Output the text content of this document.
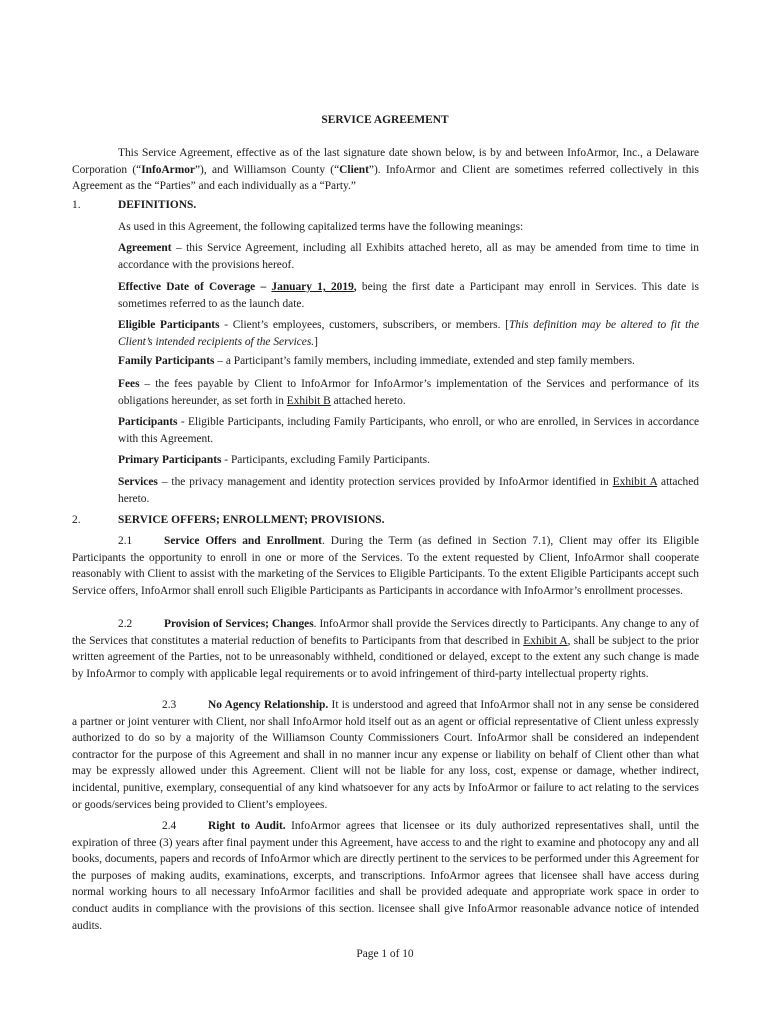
SERVICE AGREEMENT

This Service Agreement, effective as of the last signature date shown below, is by and between InfoArmor, Inc., a Delaware Corporation (“InfoArmor”), and Williamson County (“Client”). InfoArmor and Client are sometimes referred collectively in this Agreement as the “Parties” and each individually as a “Party.”

1.	DEFINITIONS.

As used in this Agreement, the following capitalized terms have the following meanings:

Agreement – this Service Agreement, including all Exhibits attached hereto, all as may be amended from time to time in accordance with the provisions hereof.

Effective Date of Coverage – January 1, 2019, being the first date a Participant may enroll in Services. This date is sometimes referred to as the launch date.

Eligible Participants - Client’s employees, customers, subscribers, or members. [This definition may be altered to fit the Client’s intended recipients of the Services.]

Family Participants – a Participant’s family members, including immediate, extended and step family members.

Fees – the fees payable by Client to InfoArmor for InfoArmor’s implementation of the Services and performance of its obligations hereunder, as set forth in Exhibit B attached hereto.

Participants - Eligible Participants, including Family Participants, who enroll, or who are enrolled, in Services in accordance with this Agreement.

Primary Participants - Participants, excluding Family Participants.

Services – the privacy management and identity protection services provided by InfoArmor identified in Exhibit A attached hereto.

2.	SERVICE OFFERS; ENROLLMENT; PROVISIONS.

2.1	Service Offers and Enrollment. During the Term (as defined in Section 7.1), Client may offer its Eligible Participants the opportunity to enroll in one or more of the Services. To the extent requested by Client, InfoArmor shall cooperate reasonably with Client to assist with the marketing of the Services to Eligible Participants. To the extent Eligible Participants accept such Service offers, InfoArmor shall enroll such Eligible Participants as Participants in accordance with InfoArmor’s enrollment processes.

2.2	Provision of Services; Changes. InfoArmor shall provide the Services directly to Participants. Any change to any of the Services that constitutes a material reduction of benefits to Participants from that described in Exhibit A, shall be subject to the prior written agreement of the Parties, not to be unreasonably withheld, conditioned or delayed, except to the extent any such change is made by InfoArmor to comply with applicable legal requirements or to avoid infringement of third-party intellectual property rights.

2.3	No Agency Relationship. It is understood and agreed that InfoArmor shall not in any sense be considered a partner or joint venturer with Client, nor shall InfoArmor hold itself out as an agent or official representative of Client unless expressly authorized to do so by a majority of the Williamson County Commissioners Court. InfoArmor shall be considered an independent contractor for the purpose of this Agreement and shall in no manner incur any expense or liability on behalf of Client other than what may be expressly allowed under this Agreement. Client will not be liable for any loss, cost, expense or damage, whether indirect, incidental, punitive, exemplary, consequential of any kind whatsoever for any acts by InfoArmor or failure to act relating to the services or goods/services being provided to Client’s employees.

2.4	Right to Audit. InfoArmor agrees that licensee or its duly authorized representatives shall, until the expiration of three (3) years after final payment under this Agreement, have access to and the right to examine and photocopy any and all books, documents, papers and records of InfoArmor which are directly pertinent to the services to be performed under this Agreement for the purposes of making audits, examinations, excerpts, and transcriptions. InfoArmor agrees that licensee shall have access during normal working hours to all necessary InfoArmor facilities and shall be provided adequate and appropriate work space in order to conduct audits in compliance with the provisions of this section. licensee shall give InfoArmor reasonable advance notice of intended audits.

Page 1 of 10
